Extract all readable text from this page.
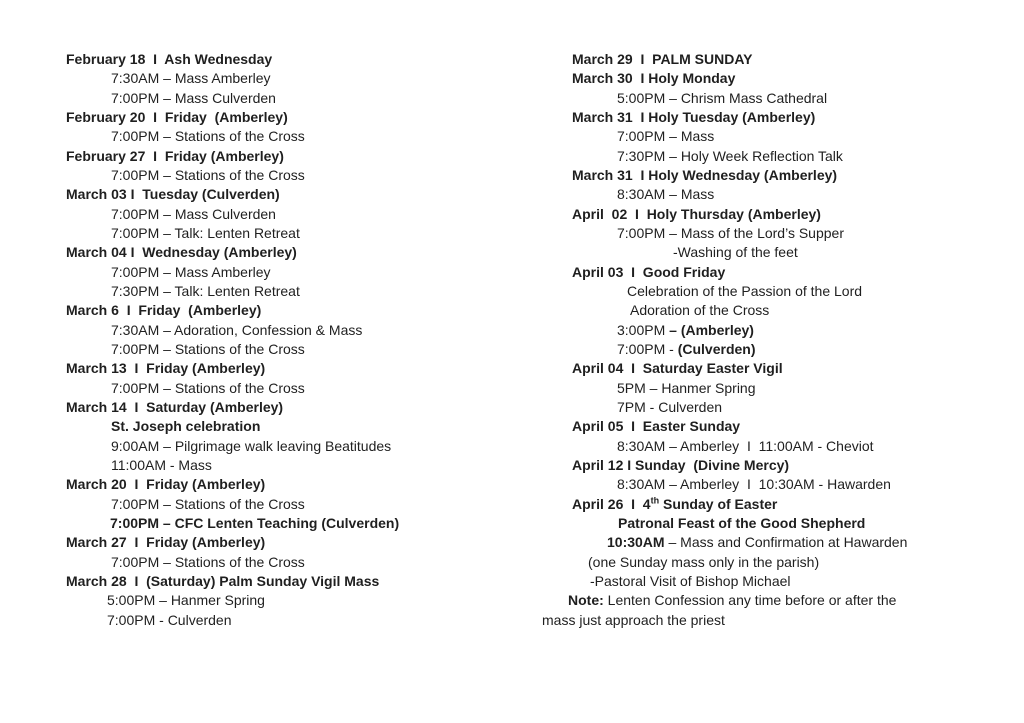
February 18  I  Ash Wednesday
7:30AM – Mass Amberley
7:00PM – Mass Culverden
February 20  I  Friday  (Amberley)
7:00PM – Stations of the Cross
February 27  I  Friday (Amberley)
7:00PM – Stations of the Cross
March 03 I  Tuesday (Culverden)
7:00PM – Mass Culverden
7:00PM – Talk: Lenten Retreat
March 04 I  Wednesday (Amberley)
7:00PM – Mass Amberley
7:30PM – Talk: Lenten Retreat
March 6  I  Friday  (Amberley)
7:30AM – Adoration, Confession & Mass
7:00PM – Stations of the Cross
March 13  I  Friday (Amberley)
7:00PM – Stations of the Cross
March 14  I  Saturday (Amberley)
St. Joseph celebration
9:00AM – Pilgrimage walk leaving Beatitudes
11:00AM - Mass
March 20  I  Friday (Amberley)
7:00PM – Stations of the Cross
7:00PM – CFC Lenten Teaching (Culverden)
March 27  I  Friday (Amberley)
7:00PM – Stations of the Cross
March 28  I  (Saturday) Palm Sunday Vigil Mass
5:00PM – Hanmer Spring
7:00PM - Culverden
March 29  I  PALM SUNDAY
March 30  I Holy Monday
5:00PM – Chrism Mass Cathedral
March 31  I Holy Tuesday (Amberley)
7:00PM – Mass
7:30PM – Holy Week Reflection Talk
March 31  I Holy Wednesday (Amberley)
8:30AM – Mass
April  02  I  Holy Thursday (Amberley)
7:00PM – Mass of the Lord’s Supper
-Washing of the feet
April 03  I  Good Friday
Celebration of the Passion of the Lord
Adoration of the Cross
3:00PM – (Amberley)
7:00PM - (Culverden)
April 04  I  Saturday Easter Vigil
5PM – Hanmer Spring
7PM - Culverden
April 05  I  Easter Sunday
8:30AM – Amberley  I  11:00AM - Cheviot
April 12 I Sunday  (Divine Mercy)
8:30AM – Amberley  I  10:30AM - Hawarden
April 26  I  4th Sunday of Easter
Patronal Feast of the Good Shepherd
10:30AM – Mass and Confirmation at Hawarden
(one Sunday mass only in the parish)
-Pastoral Visit of Bishop Michael
Note: Lenten Confession any time before or after the
mass just approach the priest
